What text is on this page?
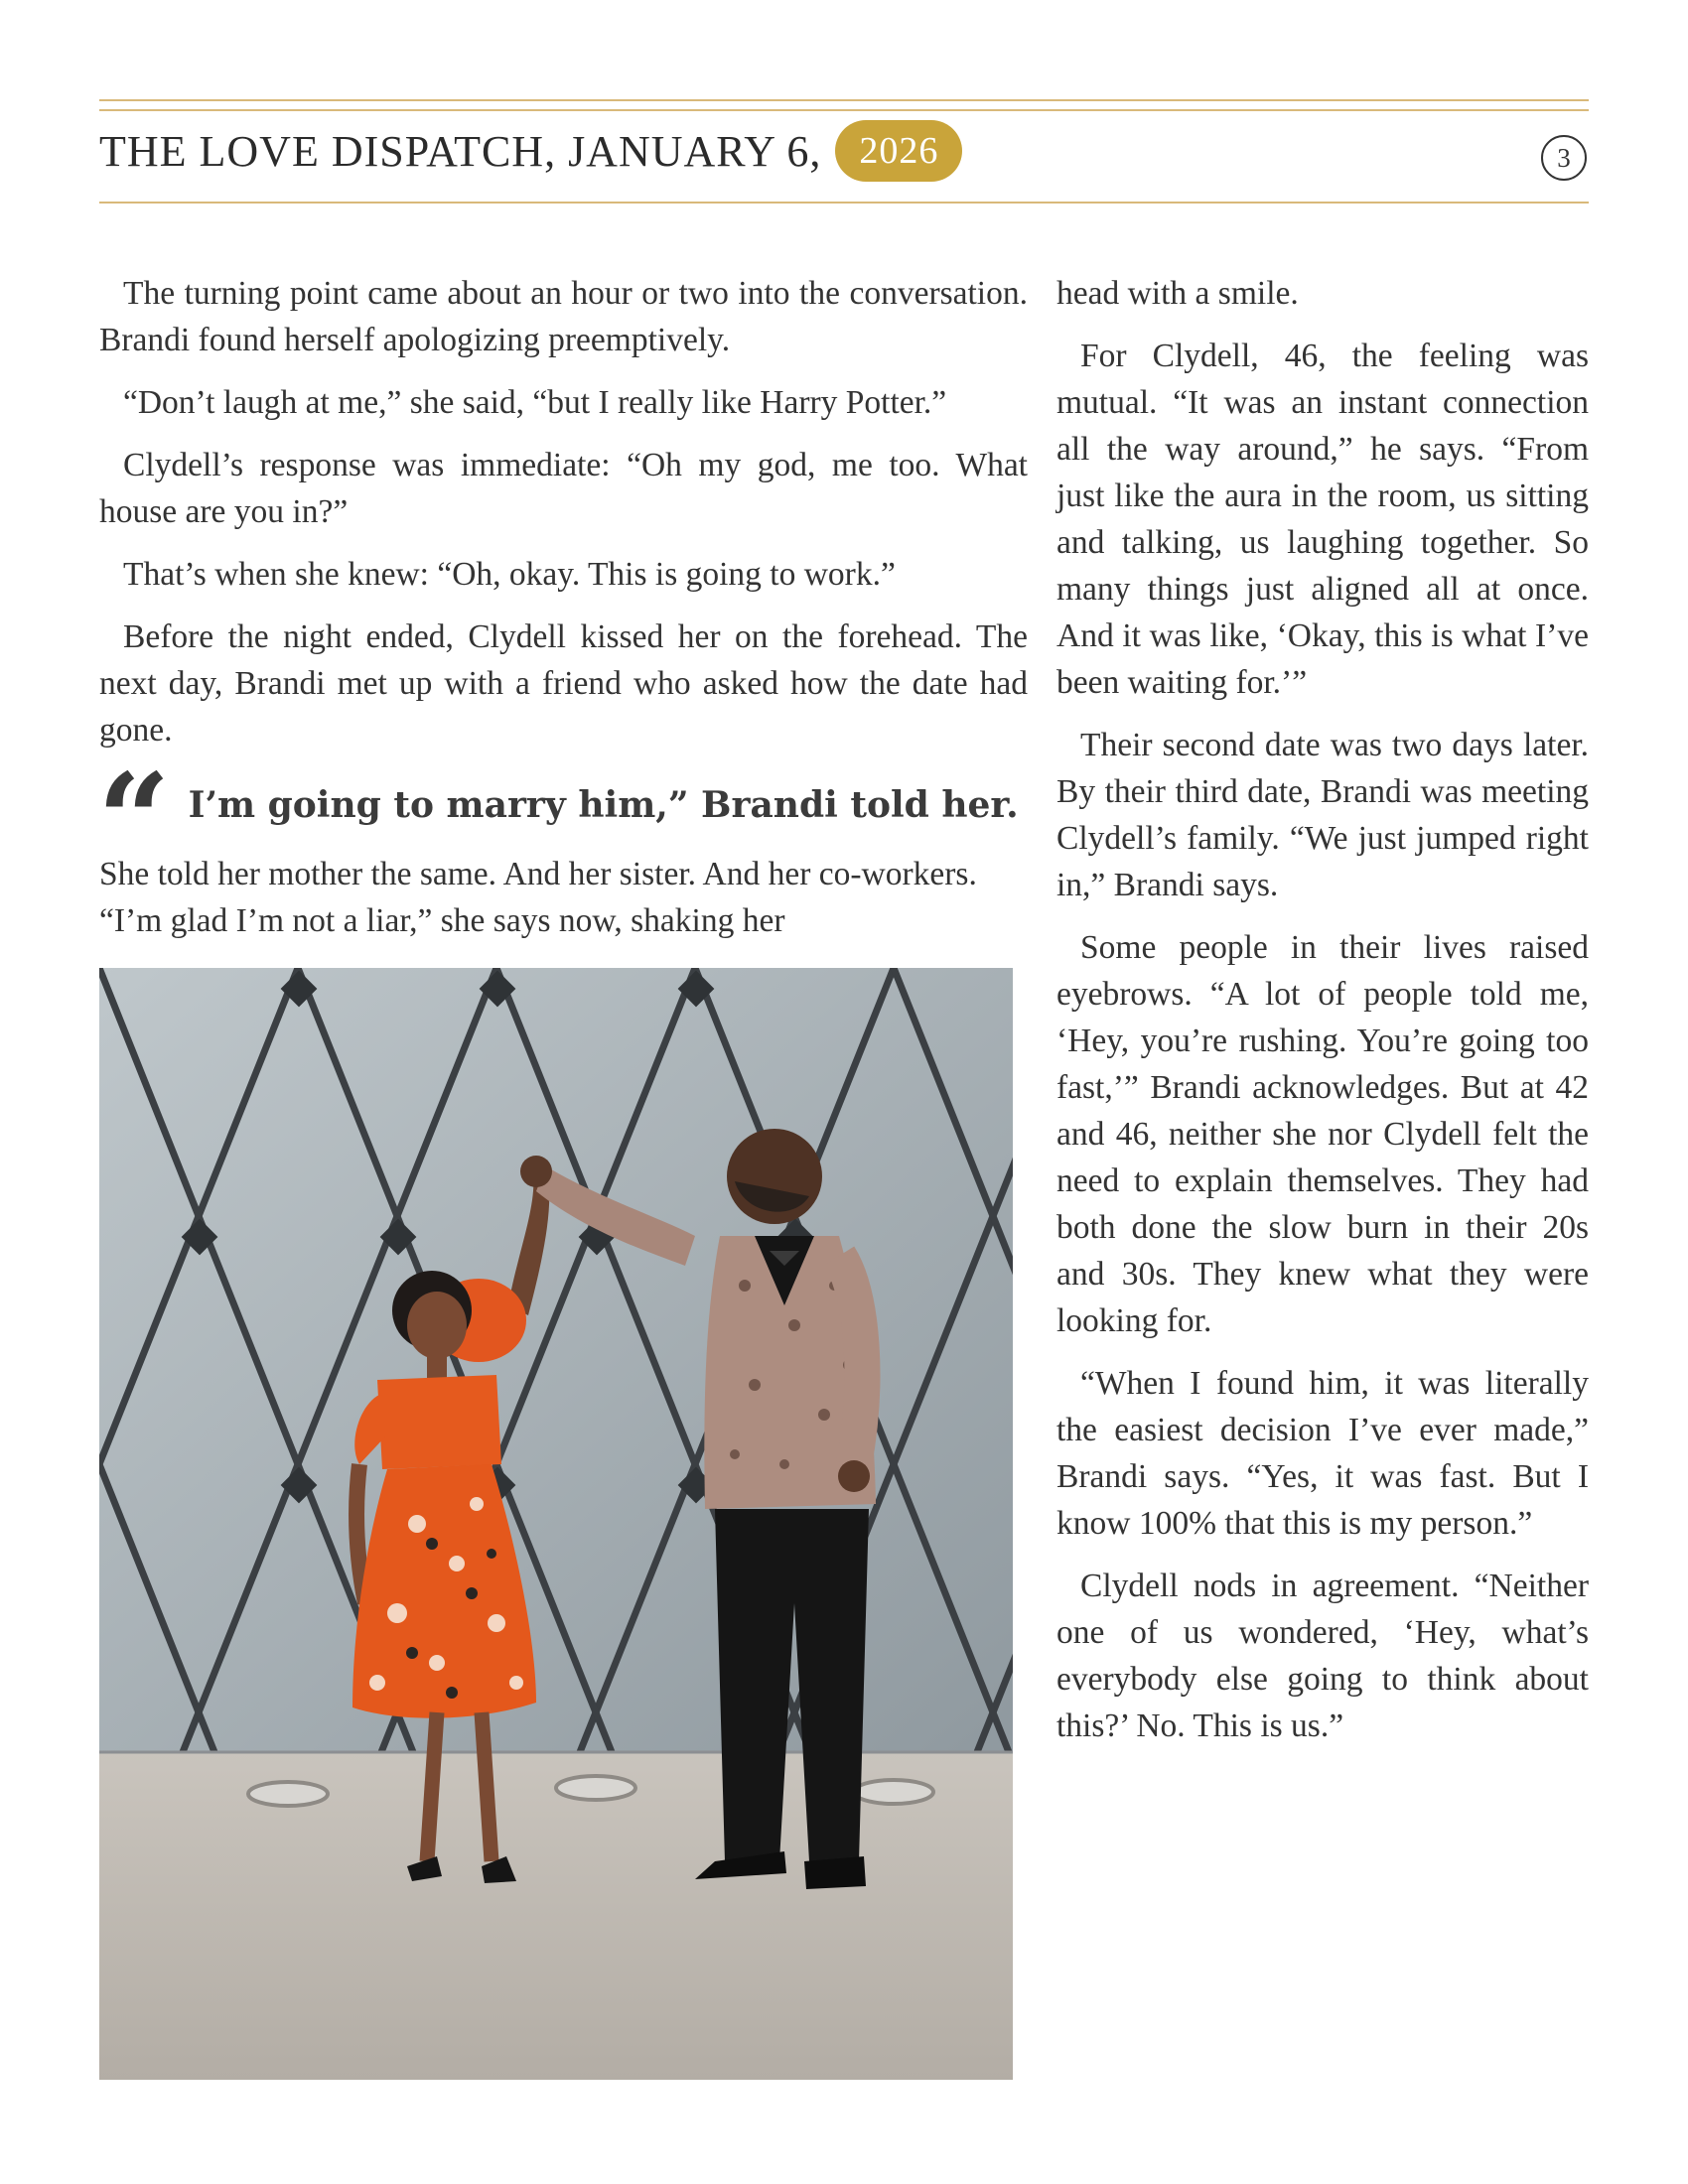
THE LOVE DISPATCH, JANUARY 6,	2026	3

The turning point came about an hour or two into the conversation. Brandi found herself apologizing preemptively.

“Don’t laugh at me,” she said, “but I really like Harry Potter.”

Clydell’s response was immediate: “Oh my god, me too. What house are you in?”

That’s when she knew: “Oh, okay. This is going to work.”

Before the night ended, Clydell kissed her on the forehead. The next day, Brandi met up with a friend who asked how the date had gone.

“ I’m going to marry him,” Brandi told her.

She told her mother the same. And her sister. And her co-workers. “I’m glad I’m not a liar,” she says now, shaking her

head with a smile.

For Clydell, 46, the feeling was mutual. “It was an instant connection all the way around,” he says. “From just like the aura in the room, us sitting and talking, us laughing together. So many things just aligned all at once. And it was like, ‘Okay, this is what I’ve been waiting for.’”

Their second date was two days later. By their third date, Brandi was meeting Clydell’s family. “We just jumped right in,” Brandi says.

Some people in their lives raised eyebrows. “A lot of people told me, ‘Hey, you’re rushing. You’re going too fast,’” Brandi acknowledges. But at 42 and 46, neither she nor Clydell felt the need to explain themselves. They had both done the slow burn in their 20s and 30s. They knew what they were looking for.

“When I found him, it was literally the easiest decision I’ve ever made,” Brandi says. “Yes, it was fast. But I know 100% that this is my person.”

Clydell nods in agreement. “Neither one of us wondered, ‘Hey, what’s everybody else going to think about this?’ No. This is us.”
